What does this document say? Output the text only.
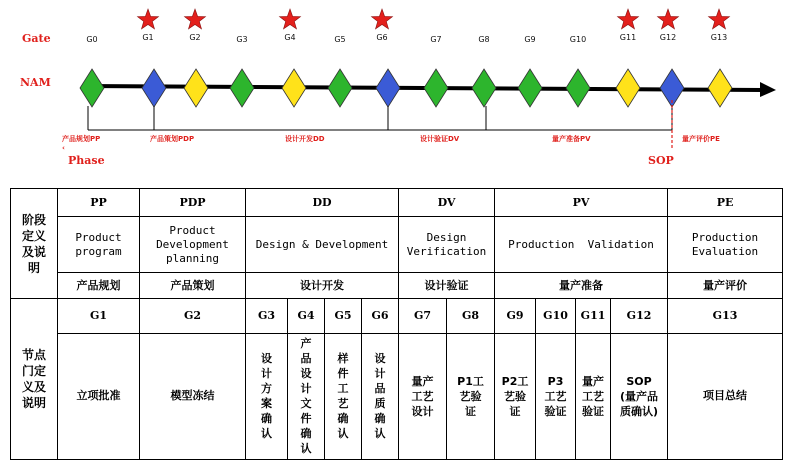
Gate
NAM
G0	G1	G2	G3	G4	G5	G6	G7	G8	G9	G10	G11	G12	G13
产品规划PP	产品策划PDP	设计开发DD	设计验证DV	量产准备PV	量产评价PE
‹
Phase	SOP
阶段定义及说明	PP	PDP	DD				DV		PV				PE
	Product program	Product Development planning	Design & Development				Design Verification		Production  Validation				Production Evaluation
	产品规划	产品策划	设计开发				设计验证		量产准备				量产评价
节点门定义及说明	G1	G2	G3	G4	G5	G6	G7	G8	G9	G10	G11	G12	G13
	立项批准	模型冻结	设计方案确认	产品设计文件确认	样件工艺确认	设计品质确认	量产工艺设计	P1工艺验证	P2工艺验证	P3工艺验证	量产工艺验证	SOP(量产品质确认)	项目总结
